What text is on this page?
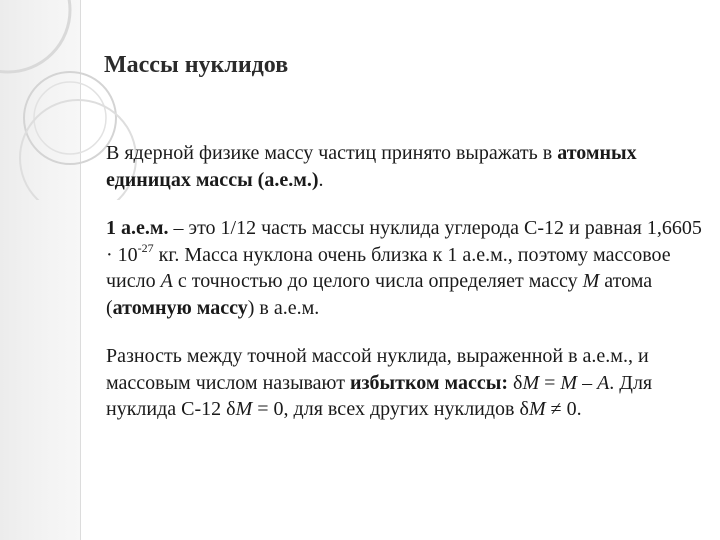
Массы нуклидов

В ядерной физике массу частиц принято выражать в атомных единицах массы (а.е.м.).

1 а.е.м. – это 1/12 часть массы нуклида углерода С-12 и равная $1,6605 \cdot 10^{-27}$ кг. Масса нуклона очень близка к 1 а.е.м., поэтому массовое число A с точностью до целого числа определяет массу M атома (атомную массу) в а.е.м.

Разность между точной массой нуклида, выраженной в а.е.м., и массовым числом называют избытком массы: δM = M – A. Для нуклида С-12 δM = 0, для всех других нуклидов δM ≠ 0.
